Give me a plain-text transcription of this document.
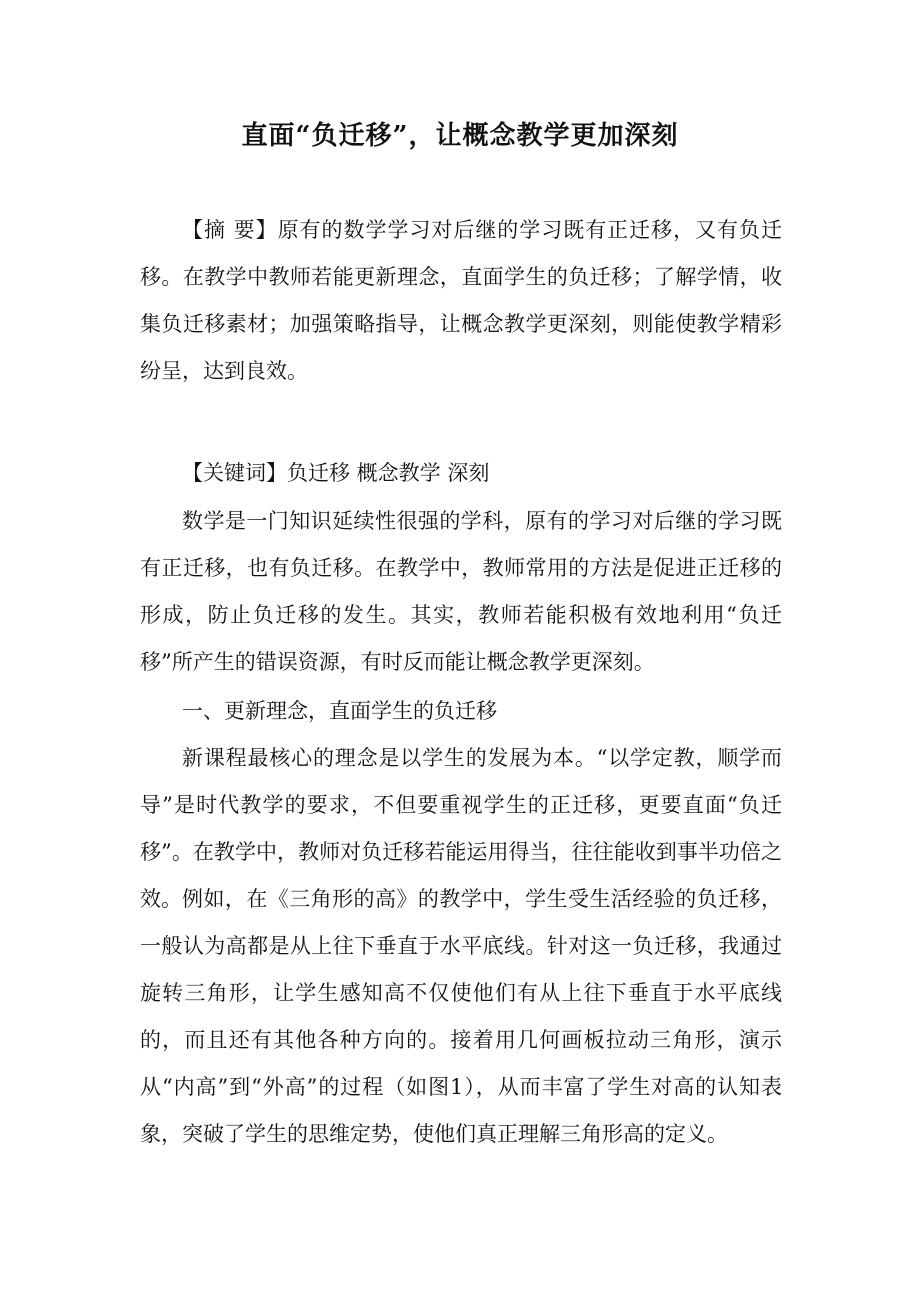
直面“负迁移”，让概念教学更加深刻

【摘 要】原有的数学学习对后继的学习既有正迁移，又有负迁移。在教学中教师若能更新理念，直面学生的负迁移；了解学情，收集负迁移素材；加强策略指导，让概念教学更深刻，则能使教学精彩纷呈，达到良效。

【关键词】负迁移 概念教学 深刻

数学是一门知识延续性很强的学科，原有的学习对后继的学习既有正迁移，也有负迁移。在教学中，教师常用的方法是促进正迁移的形成，防止负迁移的发生。其实，教师若能积极有效地利用“负迁移”所产生的错误资源，有时反而能让概念教学更深刻。

一、更新理念，直面学生的负迁移

新课程最核心的理念是以学生的发展为本。“以学定教，顺学而导”是时代教学的要求，不但要重视学生的正迁移，更要直面“负迁移”。在教学中，教师对负迁移若能运用得当，往往能收到事半功倍之效。 例如，在《三角形的高》的教学中，学生受生活经验的负迁移，一般认为高都是从上往下垂直于水平底线。针对这一负迁移，我通过旋转三角形，让学生感知高不仅使他们有从上往下垂直于水平底线的，而且还有其他各种方向的。接着用几何画板拉动三角形，演示从“内高”到“外高”的过程（如图1），从而丰富了学生对高的认知表象，突破了学生的思维定势，使他们真正理解三角形高的定义。
